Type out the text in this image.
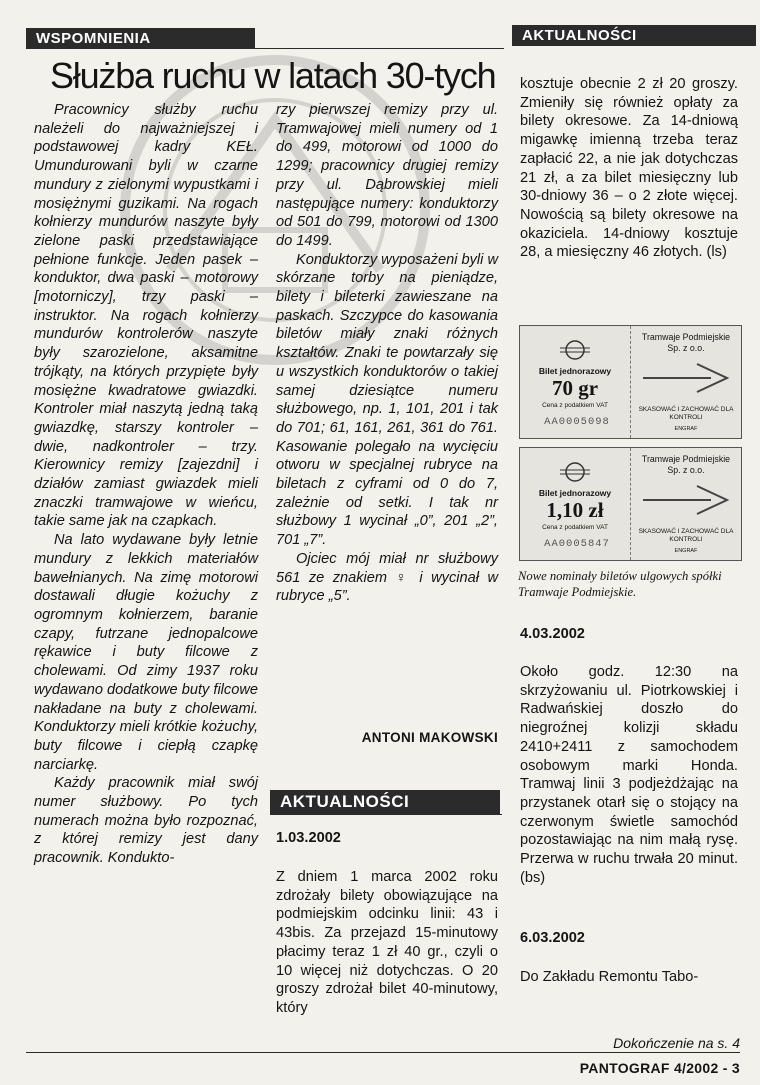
WSPOMNIENIA	AKTUALNOŚCI
Służba ruchu w latach 30-tych

Pracownicy służby ruchu należeli do najważniejszej i podstawowej kadry KEŁ. Umundurowani byli w czarne mundury z zielonymi wypustkami i mosiężnymi guzikami. Na rogach kołnierzy mundurów naszyte były zielone paski przedstawiające pełnione funkcje. Jeden pasek – konduktor, dwa paski – motorowy [motorniczy], trzy paski – instruktor. Na rogach kołnierzy mundurów kontrolerów naszyte były szarozielone, aksamitne trójkąty, na których przypięte były mosiężne kwadratowe gwiazdki. Kontroler miał naszytą jedną taką gwiazdkę, starszy kontroler – dwie, nadkontroler – trzy. Kierownicy remizy [zajezdni] i działów zamiast gwiazdek mieli znaczki tramwajowe w wieńcu, takie same jak na czapkach.

Na lato wydawane były letnie mundury z lekkich materiałów bawełnianych. Na zimę motorowi dostawali długie kożuchy z ogromnym kołnierzem, baranie czapy, futrzane jednopalcowe rękawice i buty filcowe z cholewami. Od zimy 1937 roku wydawano dodatkowe buty filcowe nakładane na buty z cholewami. Konduktorzy mieli krótkie kożuchy, buty filcowe i ciepłą czapkę narciarkę.

Każdy pracownik miał swój numer służbowy. Po tych numerach można było rozpoznać, z której remizy jest dany pracownik. Kondukto-

rzy pierwszej remizy przy ul. Tramwajowej mieli numery od 1 do 499, motorowi od 1000 do 1299; pracownicy drugiej remizy przy ul. Dąbrowskiej mieli następujące numery: konduktorzy od 501 do 799, motorowi od 1300 do 1499.

Konduktorzy wyposażeni byli w skórzane torby na pieniądze, bilety i bileterki zawieszane na paskach. Szczypce do kasowania biletów miały znaki różnych kształtów. Znaki te powtarzały się u wszystkich konduktorów o takiej samej dziesiątce numeru służbowego, np. 1, 101, 201 i tak do 701; 61, 161, 261, 361 do 761. Kasowanie polegało na wycięciu otworu w specjalnej rubryce na biletach z cyframi od 0 do 7, zależnie od setki. I tak nr służbowy 1 wycinał „0”, 201 „2”, 701 „7”.

Ojciec mój miał nr służbowy 561 ze znakiem ♀ i wycinał w rubryce „5”.

ANTONI MAKOWSKI
AKTUALNOŚCI
1.03.2002
Z dniem 1 marca 2002 roku zdrożały bilety obowiązujące na podmiejskim odcinku linii: 43 i 43bis. Za przejazd 15-minutowy płacimy teraz 1 zł 40 gr., czyli o 10 więcej niż dotychczas. O 20 groszy zdrożał bilet 40-minutowy, który
kosztuje obecnie 2 zł 20 groszy. Zmieniły się również opłaty za bilety okresowe. Za 14-dniową migawkę imienną trzeba teraz zapłacić 22, a nie jak dotychczas 21 zł, a za bilet miesięczny lub 30-dniowy 36 – o 2 złote więcej. Nowością są bilety okresowe na okaziciela. 14-dniowy kosztuje 28, a miesięczny 46 złotych. (ls)
Bilet jednorazowy
70 gr
Cena z podatkiem VAT
AA0005098
Tramwaje Podmiejskie Sp. z o.o.
SKASOWAĆ I ZACHOWAĆ DLA KONTROLI
ENGRAF
Bilet jednorazowy
1,10 zł
Cena z podatkiem VAT
AA0005847
Tramwaje Podmiejskie Sp. z o.o.
SKASOWAĆ I ZACHOWAĆ DLA KONTROLI
ENGRAF
Nowe nominały biletów ulgowych spółki Tramwaje Podmiejskie.
4.03.2002
Około godz. 12:30 na skrzyżowaniu ul. Piotrkowskiej i Radwańskiej doszło do niegroźnej kolizji składu 2410+2411 z samochodem osobowym marki Honda. Tramwaj linii 3 podjeżdżając na przystanek otarł się o stojący na czerwonym świetle samochód pozostawiając na nim małą rysę. Przerwa w ruchu trwała 20 minut. (bs)
6.03.2002
Do Zakładu Remontu Tabo-
Dokończenie na s. 4
PANTOGRAF 4/2002 - 3
